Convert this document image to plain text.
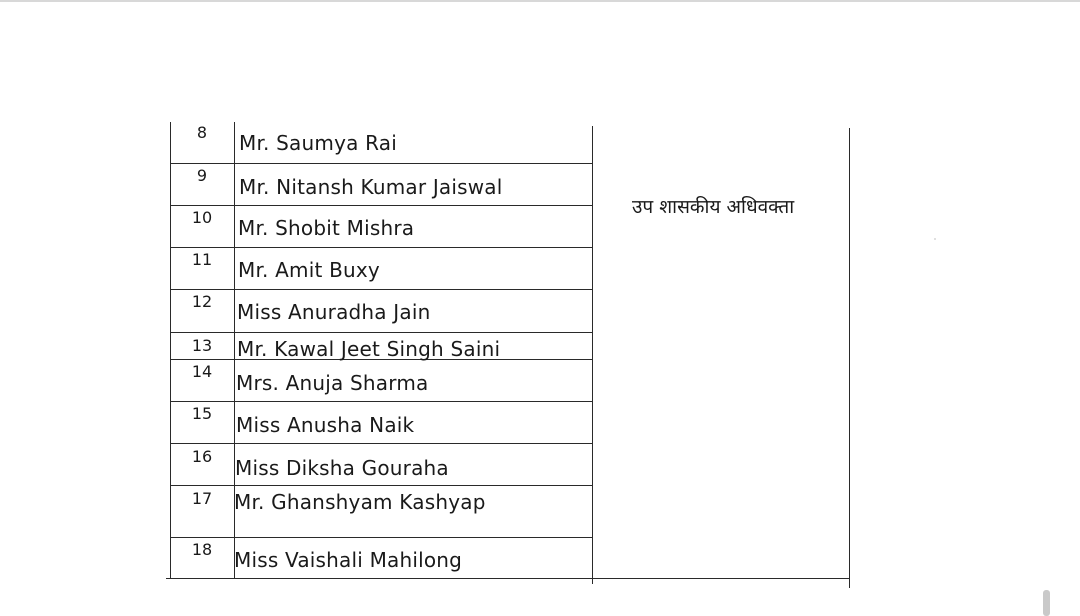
8
9
10
11
12
13
14
15
16
17
18
Mr. Saumya Rai
Mr. Nitansh Kumar Jaiswal
Mr. Shobit Mishra
Mr. Amit Buxy
Miss Anuradha Jain
Mr. Kawal Jeet Singh Saini
Mrs. Anuja Sharma
Miss Anusha Naik
Miss Diksha Gouraha
Mr. Ghanshyam Kashyap
Miss Vaishali Mahilong
उप शासकीय अधिवक्ता
